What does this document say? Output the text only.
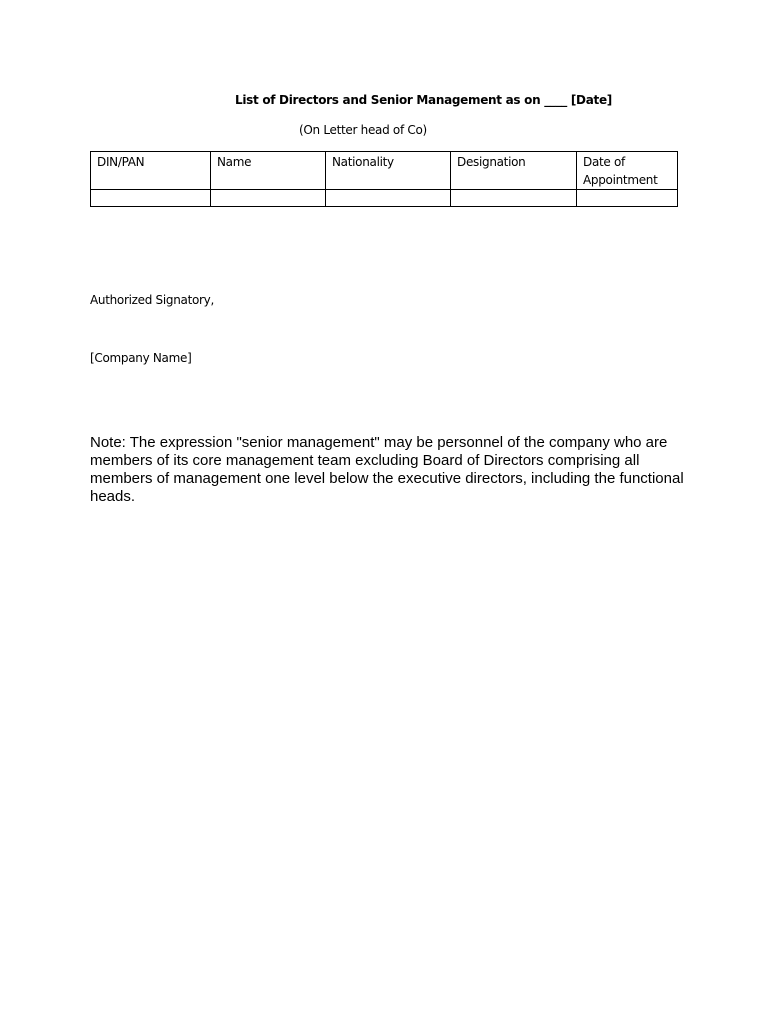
List of Directors and Senior Management as on ____ [Date]
(On Letter head of Co)
DIN/PAN	Name	Nationality	Designation	Date of Appointment

Authorized Signatory,
[Company Name]
Note: The expression "senior management" may be personnel of the company who are members of its core management team excluding Board of Directors comprising all members of management one level below the executive directors, including the functional heads.
